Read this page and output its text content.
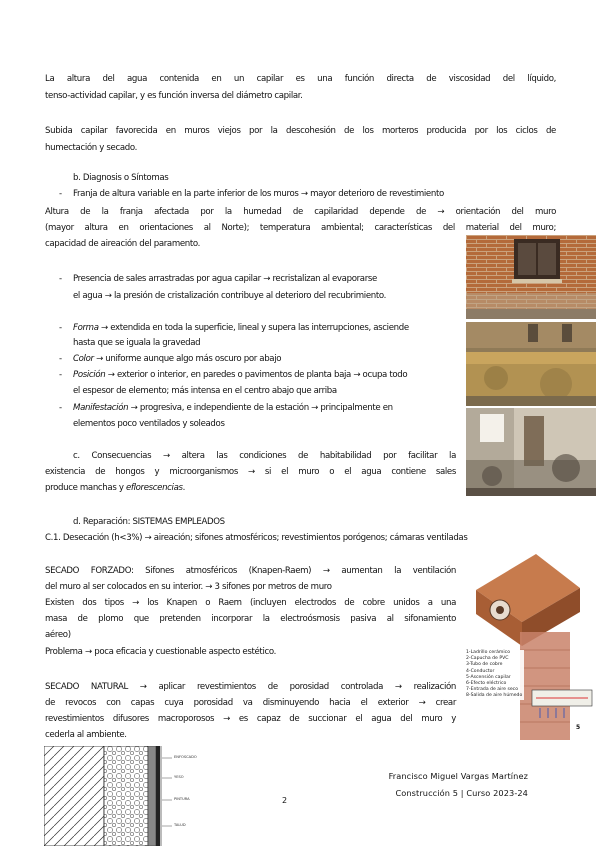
La altura del agua contenida en un capilar es una función directa de viscosidad del líquido,
tenso-actividad capilar, y es función inversa del diámetro capilar.
Subida capilar favorecida en muros viejos por la descohesión de los morteros producida por los ciclos de
humectación y secado.
b. Diagnosis o Síntomas
- Franja de altura variable en la parte inferior de los muros → mayor deterioro de revestimiento
Altura de la franja afectada por la humedad de capilaridad depende de → orientación del muro
(mayor altura en orientaciones al Norte); temperatura ambiental; características del material del muro;
capacidad de aireación del paramento.
- Presencia de sales arrastradas por agua capilar → recristalizan al evaporarse
el agua → la presión de cristalización contribuye al deterioro del recubrimiento.
- Forma → extendida en toda la superficie, lineal y supera las interrupciones, asciende
hasta que se iguala la gravedad
- Color → uniforme aunque algo más oscuro por abajo
- Posición → exterior o interior, en paredes o pavimentos de planta baja → ocupa todo
el espesor de elemento; más intensa en el centro abajo que arriba
- Manifestación → progresiva, e independiente de la estación → principalmente en
elementos poco ventilados y soleados
c. Consecuencias → altera las condiciones de habitabilidad por facilitar la
existencia de hongos y microorganismos → si el muro o el agua contiene sales
produce manchas y eflorescencias.
d. Reparación: SISTEMAS EMPLEADOS
C.1. Desecación (h<3%) → aireación; sifones atmosféricos; revestimientos porógenos; cámaras ventiladas
1-Ladrillo cerámico
2-Capucha de PVC
3-Tubo de cobre
4-Conductor
5-Ascensión capilar
6-Efecto eléctrico
7-Entrada de aire seco
8-Salida de aire húmedo
5
SECADO FORZADO: Sifones atmosféricos (Knapen-Raem) → aumentan la ventilación
del muro al ser colocados en su interior. → 3 sifones por metros de muro
Existen dos tipos → los Knapen o Raem (incluyen electrodos de cobre unidos a una
masa de plomo que pretenden incorporar la electroósmosis pasiva al sifonamiento
aéreo)
Problema → poca eficacia y cuestionable aspecto estético.
SECADO NATURAL → aplicar revestimientos de porosidad controlada → realización
de revocos con capas cuya porosidad va disminuyendo hacia el exterior → crear
revestimientos difusores macroporosos → es capaz de succionar el agua del muro y
cederla al ambiente.
ENFOSCADO
YESO
PINTURA
TALUD
2
Francisco Miguel Vargas Martínez
Construcción 5 | Curso 2023-24
